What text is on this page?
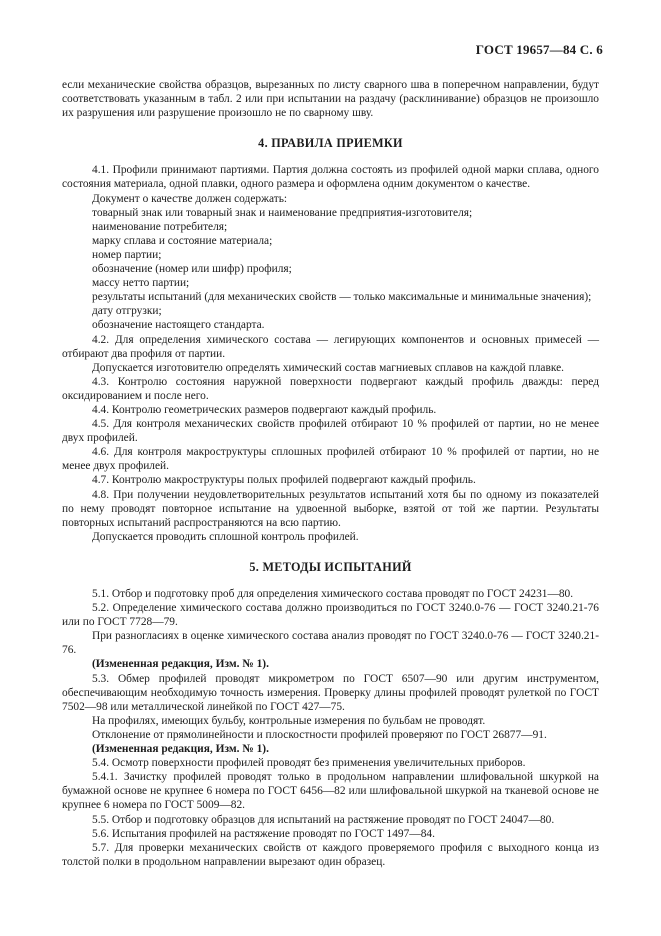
ГОСТ 19657—84 С. 6

если механические свойства образцов, вырезанных по листу сварного шва в поперечном направлении, будут соответствовать указанным в табл. 2 или при испытании на раздачу (расклинивание) образцов не произошло их разрушения или разрушение произошло не по сварному шву.

4. ПРАВИЛА ПРИЕМКИ

4.1. Профили принимают партиями. Партия должна состоять из профилей одной марки сплава, одного состояния материала, одной плавки, одного размера и оформлена одним документом о качестве.

Документ о качестве должен содержать:

товарный знак или товарный знак и наименование предприятия-изготовителя;

наименование потребителя;

марку сплава и состояние материала;

номер партии;

обозначение (номер или шифр) профиля;

массу нетто партии;

результаты испытаний (для механических свойств — только максимальные и минимальные значения);

дату отгрузки;

обозначение настоящего стандарта.

4.2. Для определения химического состава — легирующих компонентов и основных примесей — отбирают два профиля от партии.

Допускается изготовителю определять химический состав магниевых сплавов на каждой плавке.

4.3. Контролю состояния наружной поверхности подвергают каждый профиль дважды: перед оксидированием и после него.

4.4. Контролю геометрических размеров подвергают каждый профиль.

4.5. Для контроля механических свойств профилей отбирают 10 % профилей от партии, но не менее двух профилей.

4.6. Для контроля макроструктуры сплошных профилей отбирают 10 % профилей от партии, но не менее двух профилей.

4.7. Контролю макроструктуры полых профилей подвергают каждый профиль.

4.8. При получении неудовлетворительных результатов испытаний хотя бы по одному из показателей по нему проводят повторное испытание на удвоенной выборке, взятой от той же партии. Результаты повторных испытаний распространяются на всю партию.

Допускается проводить сплошной контроль профилей.

5. МЕТОДЫ ИСПЫТАНИЙ

5.1. Отбор и подготовку проб для определения химического состава проводят по ГОСТ 24231—80.

5.2. Определение химического состава должно производиться по ГОСТ 3240.0-76 — ГОСТ 3240.21-76 или по ГОСТ 7728—79.

При разногласиях в оценке химического состава анализ проводят по ГОСТ 3240.0-76 — ГОСТ 3240.21-76.

(Измененная редакция, Изм. № 1).

5.3. Обмер профилей проводят микрометром по ГОСТ 6507—90 или другим инструментом, обеспечивающим необходимую точность измерения. Проверку длины профилей проводят рулеткой по ГОСТ 7502—98 или металлической линейкой по ГОСТ 427—75.

На профилях, имеющих бульбу, контрольные измерения по бульбам не проводят.

Отклонение от прямолинейности и плоскостности профилей проверяют по ГОСТ 26877—91.

(Измененная редакция, Изм. № 1).

5.4. Осмотр поверхности профилей проводят без применения увеличительных приборов.

5.4.1. Зачистку профилей проводят только в продольном направлении шлифовальной шкуркой на бумажной основе не крупнее 6 номера по ГОСТ 6456—82 или шлифовальной шкуркой на тканевой основе не крупнее 6 номера по ГОСТ 5009—82.

5.5. Отбор и подготовку образцов для испытаний на растяжение проводят по ГОСТ 24047—80.

5.6. Испытания профилей на растяжение проводят по ГОСТ 1497—84.

5.7. Для проверки механических свойств от каждого проверяемого профиля с выходного конца из толстой полки в продольном направлении вырезают один образец.
